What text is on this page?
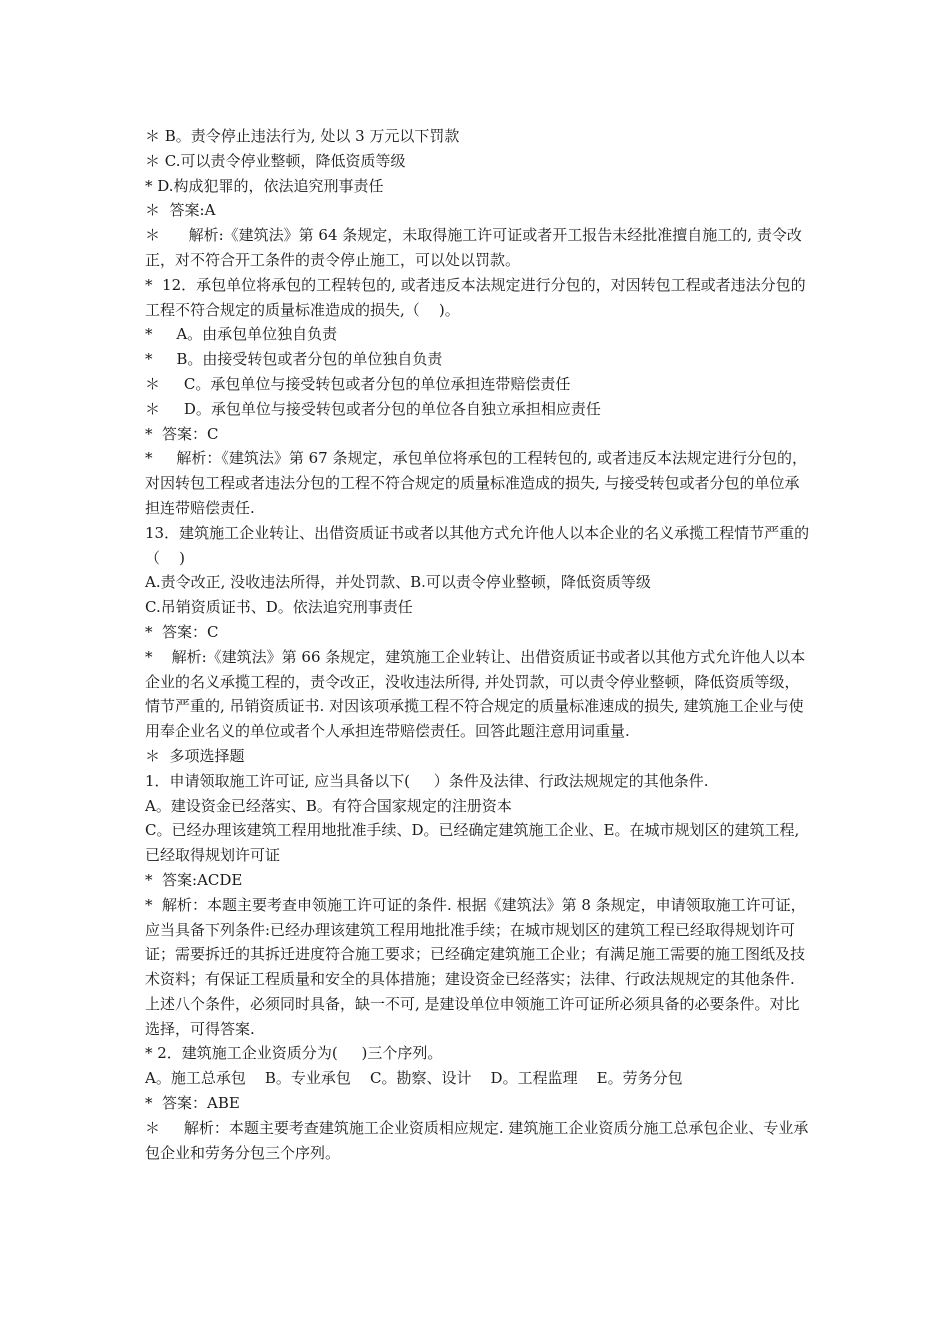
＊ B。责令停止违法行为, 处以 3 万元以下罚款

＊ C.可以责令停业整顿，降低资质等级

* D.构成犯罪的，依法追究刑事责任

＊  答案:A

＊      解析:《建筑法》第 64 条规定，未取得施工许可证或者开工报告未经批准擅自施工的, 责令改正，对不符合开工条件的责令停止施工，可以处以罚款。

*  12．承包单位将承包的工程转包的, 或者违反本法规定进行分包的，对因转包工程或者违法分包的工程不符合规定的质量标准造成的损失,（    )。

*     A。由承包单位独自负责

*     B。由接受转包或者分包的单位独自负责

＊     C。承包单位与接受转包或者分包的单位承担连带赔偿责任

＊     D。承包单位与接受转包或者分包的单位各自独立承担相应责任

*  答案：C

*     解析：《建筑法》第 67 条规定，承包单位将承包的工程转包的, 或者违反本法规定进行分包的，对因转包工程或者违法分包的工程不符合规定的质量标准造成的损失, 与接受转包或者分包的单位承担连带赔偿责任.

13．建筑施工企业转让、出借资质证书或者以其他方式允许他人以本企业的名义承揽工程情节严重的（    )

A.责令改正, 没收违法所得，并处罚款、B.可以责令停业整顿，降低资质等级

C.吊销资质证书、D。依法追究刑事责任

*  答案：C

*    解析:《建筑法》第 66 条规定，建筑施工企业转让、出借资质证书或者以其他方式允许他人以本企业的名义承揽工程的，责令改正，没收违法所得, 并处罚款，可以责令停业整顿，降低资质等级，情节严重的, 吊销资质证书. 对因该项承揽工程不符合规定的质量标准速成的损失, 建筑施工企业与使用奉企业名义的单位或者个人承担连带赔偿责任。回答此题注意用词重量.

＊  多项选择题

1．申请领取施工许可证, 应当具备以下(     ）条件及法律、行政法规规定的其他条件.

A。建设资金已经落实、B。有符合国家规定的注册资本

C。已经办理该建筑工程用地批准手续、D。已经确定建筑施工企业、E。在城市规划区的建筑工程, 已经取得规划许可证

*  答案:ACDE

*  解析：本题主要考查申领施工许可证的条件. 根据《建筑法》第 8 条规定，申请领取施工许可证，应当具备下列条件:已经办理该建筑工程用地批准手续；在城市规划区的建筑工程已经取得规划许可证；需要拆迁的其拆迁进度符合施工要求；已经确定建筑施工企业；有满足施工需要的施工图纸及技术资料；有保证工程质量和安全的具体措施；建设资金已经落实；法律、行政法规规定的其他条件. 上述八个条件，必须同时具备，缺一不可, 是建设单位申领施工许可证所必须具备的必要条件。对比选择，可得答案.

* 2．建筑施工企业资质分为(     )三个序列。

A。施工总承包    B。专业承包    C。勘察、设计    D。工程监理    E。劳务分包

*  答案：ABE

＊     解析：本题主要考查建筑施工企业资质相应规定. 建筑施工企业资质分施工总承包企业、专业承包企业和劳务分包三个序列。
